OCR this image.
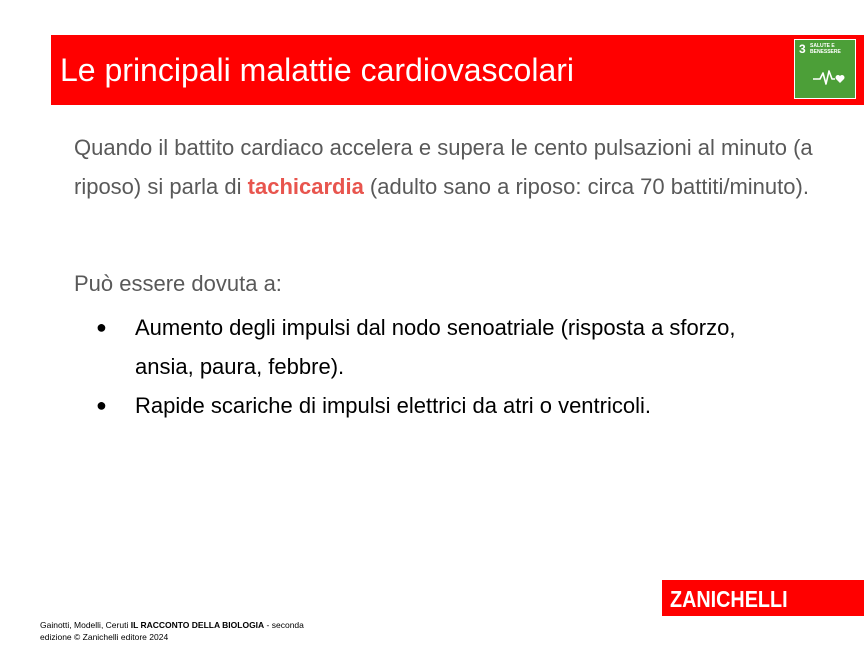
Le principali malattie cardiovascolari
3 SALUTE E BENESSERE
Quando il battito cardiaco accelera e supera le cento pulsazioni al minuto (a riposo) si parla di tachicardia (adulto sano a riposo: circa 70 battiti/minuto).
Può essere dovuta a:
● Aumento degli impulsi dal nodo senoatriale (risposta a sforzo, ansia, paura, febbre).
● Rapide scariche di impulsi elettrici da atri o ventricoli.
Gainotti, Modelli, Ceruti IL RACCONTO DELLA BIOLOGIA - seconda edizione © Zanichelli editore 2024
ZANICHELLI
